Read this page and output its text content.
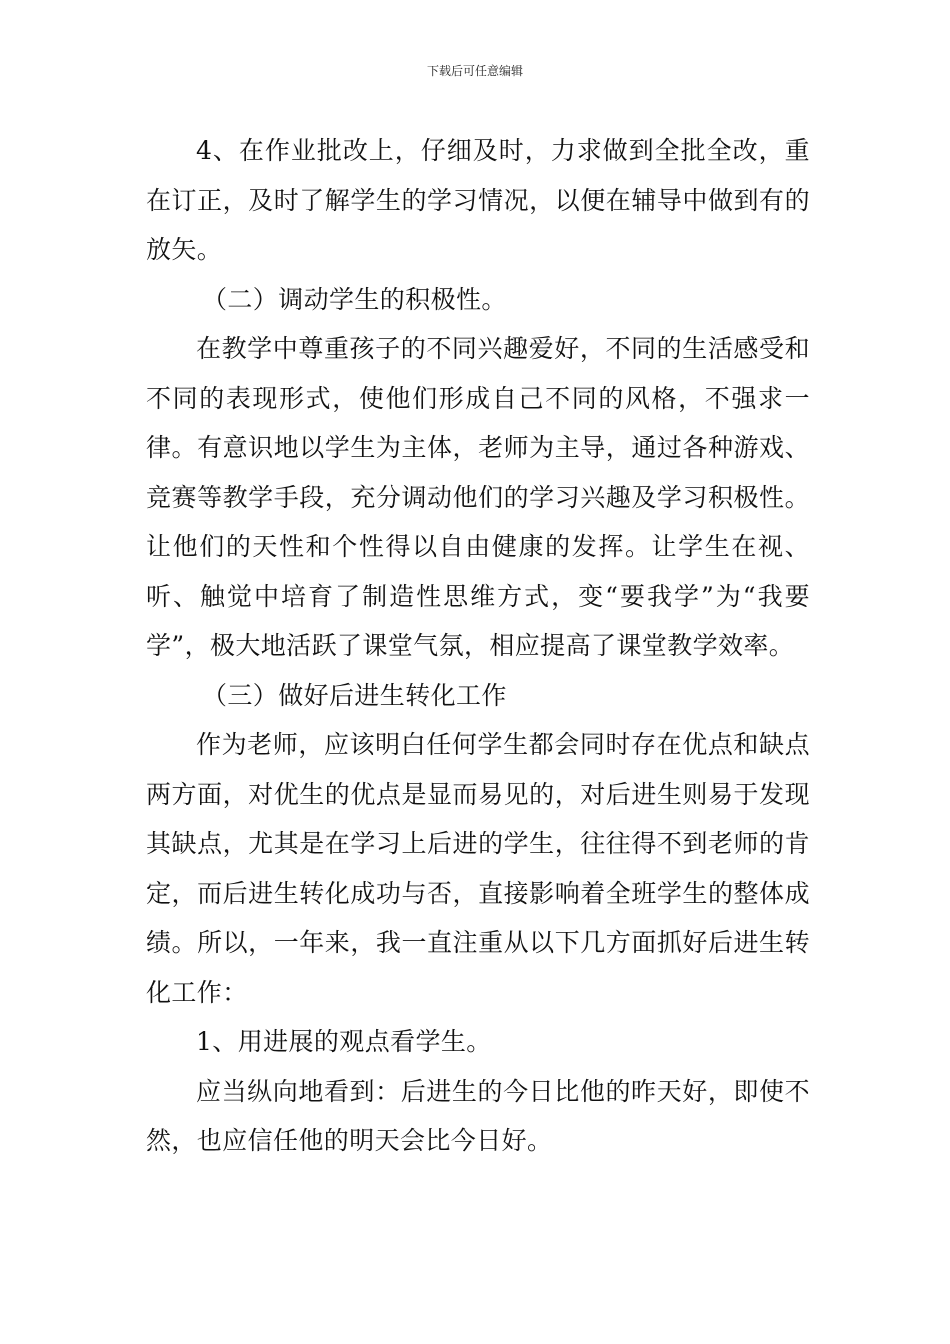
下载后可任意编辑

4、在作业批改上，仔细及时，力求做到全批全改，重在订正，及时了解学生的学习情况，以便在辅导中做到有的放矢。

（二）调动学生的积极性。

在教学中尊重孩子的不同兴趣爱好，不同的生活感受和不同的表现形式，使他们形成自己不同的风格，不强求一律。有意识地以学生为主体，老师为主导，通过各种游戏、竞赛等教学手段，充分调动他们的学习兴趣及学习积极性。让他们的天性和个性得以自由健康的发挥。让学生在视、听、触觉中培育了制造性思维方式，变“要我学”为“我要学”，极大地活跃了课堂气氛，相应提高了课堂教学效率。

（三）做好后进生转化工作

作为老师，应该明白任何学生都会同时存在优点和缺点两方面，对优生的优点是显而易见的，对后进生则易于发现其缺点，尤其是在学习上后进的学生，往往得不到老师的肯定，而后进生转化成功与否，直接影响着全班学生的整体成绩。所以，一年来，我一直注重从以下几方面抓好后进生转化工作：

1、用进展的观点看学生。

应当纵向地看到：后进生的今日比他的昨天好，即使不然，也应信任他的明天会比今日好。
